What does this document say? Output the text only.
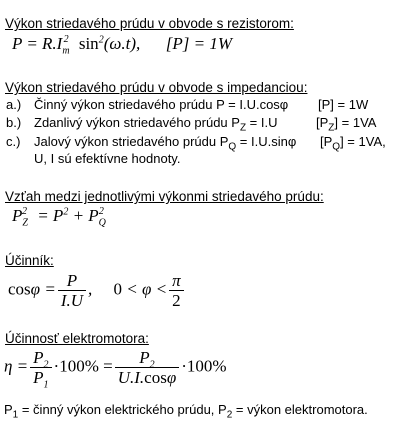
Výkon striedavého prúdu v obvode s rezistorom:
$P = R.I_m^2$ $\sin^2(\omega.t)$,      [P] = 1W
Výkon striedavého prúdu v obvode s impedanciou:
a.) Činný výkon striedavého prúdu P = I.U.cosφ [P] = 1W
b.) Zdanlivý výkon striedavého prúdu $P_Z = I.U$	$[P_Z] = 1VA$
c.) Jalový výkon striedavého prúdu $P_Q = I.U.\sin\varphi$ $[P_Q] = 1VA$,
U, I sú efektívne hodnoty.
Vzťah medzi jednotlivými výkonmi striedavého prúdu:
$P_Z^2 = P^2 + P_Q^2$
Účinník:
$\cos\varphi = \frac{P}{I.U}$ ,     $0 < \varphi < \frac{\pi}{2}$
Účinnosť elektromotora:
$\eta = \frac{P_2}{P_1} \cdot 100\% = \frac{P_2}{U.I.\cos\varphi} \cdot 100\%$
$P_1$ = činný výkon elektrického prúdu, $P_2$ = výkon elektromotora.
